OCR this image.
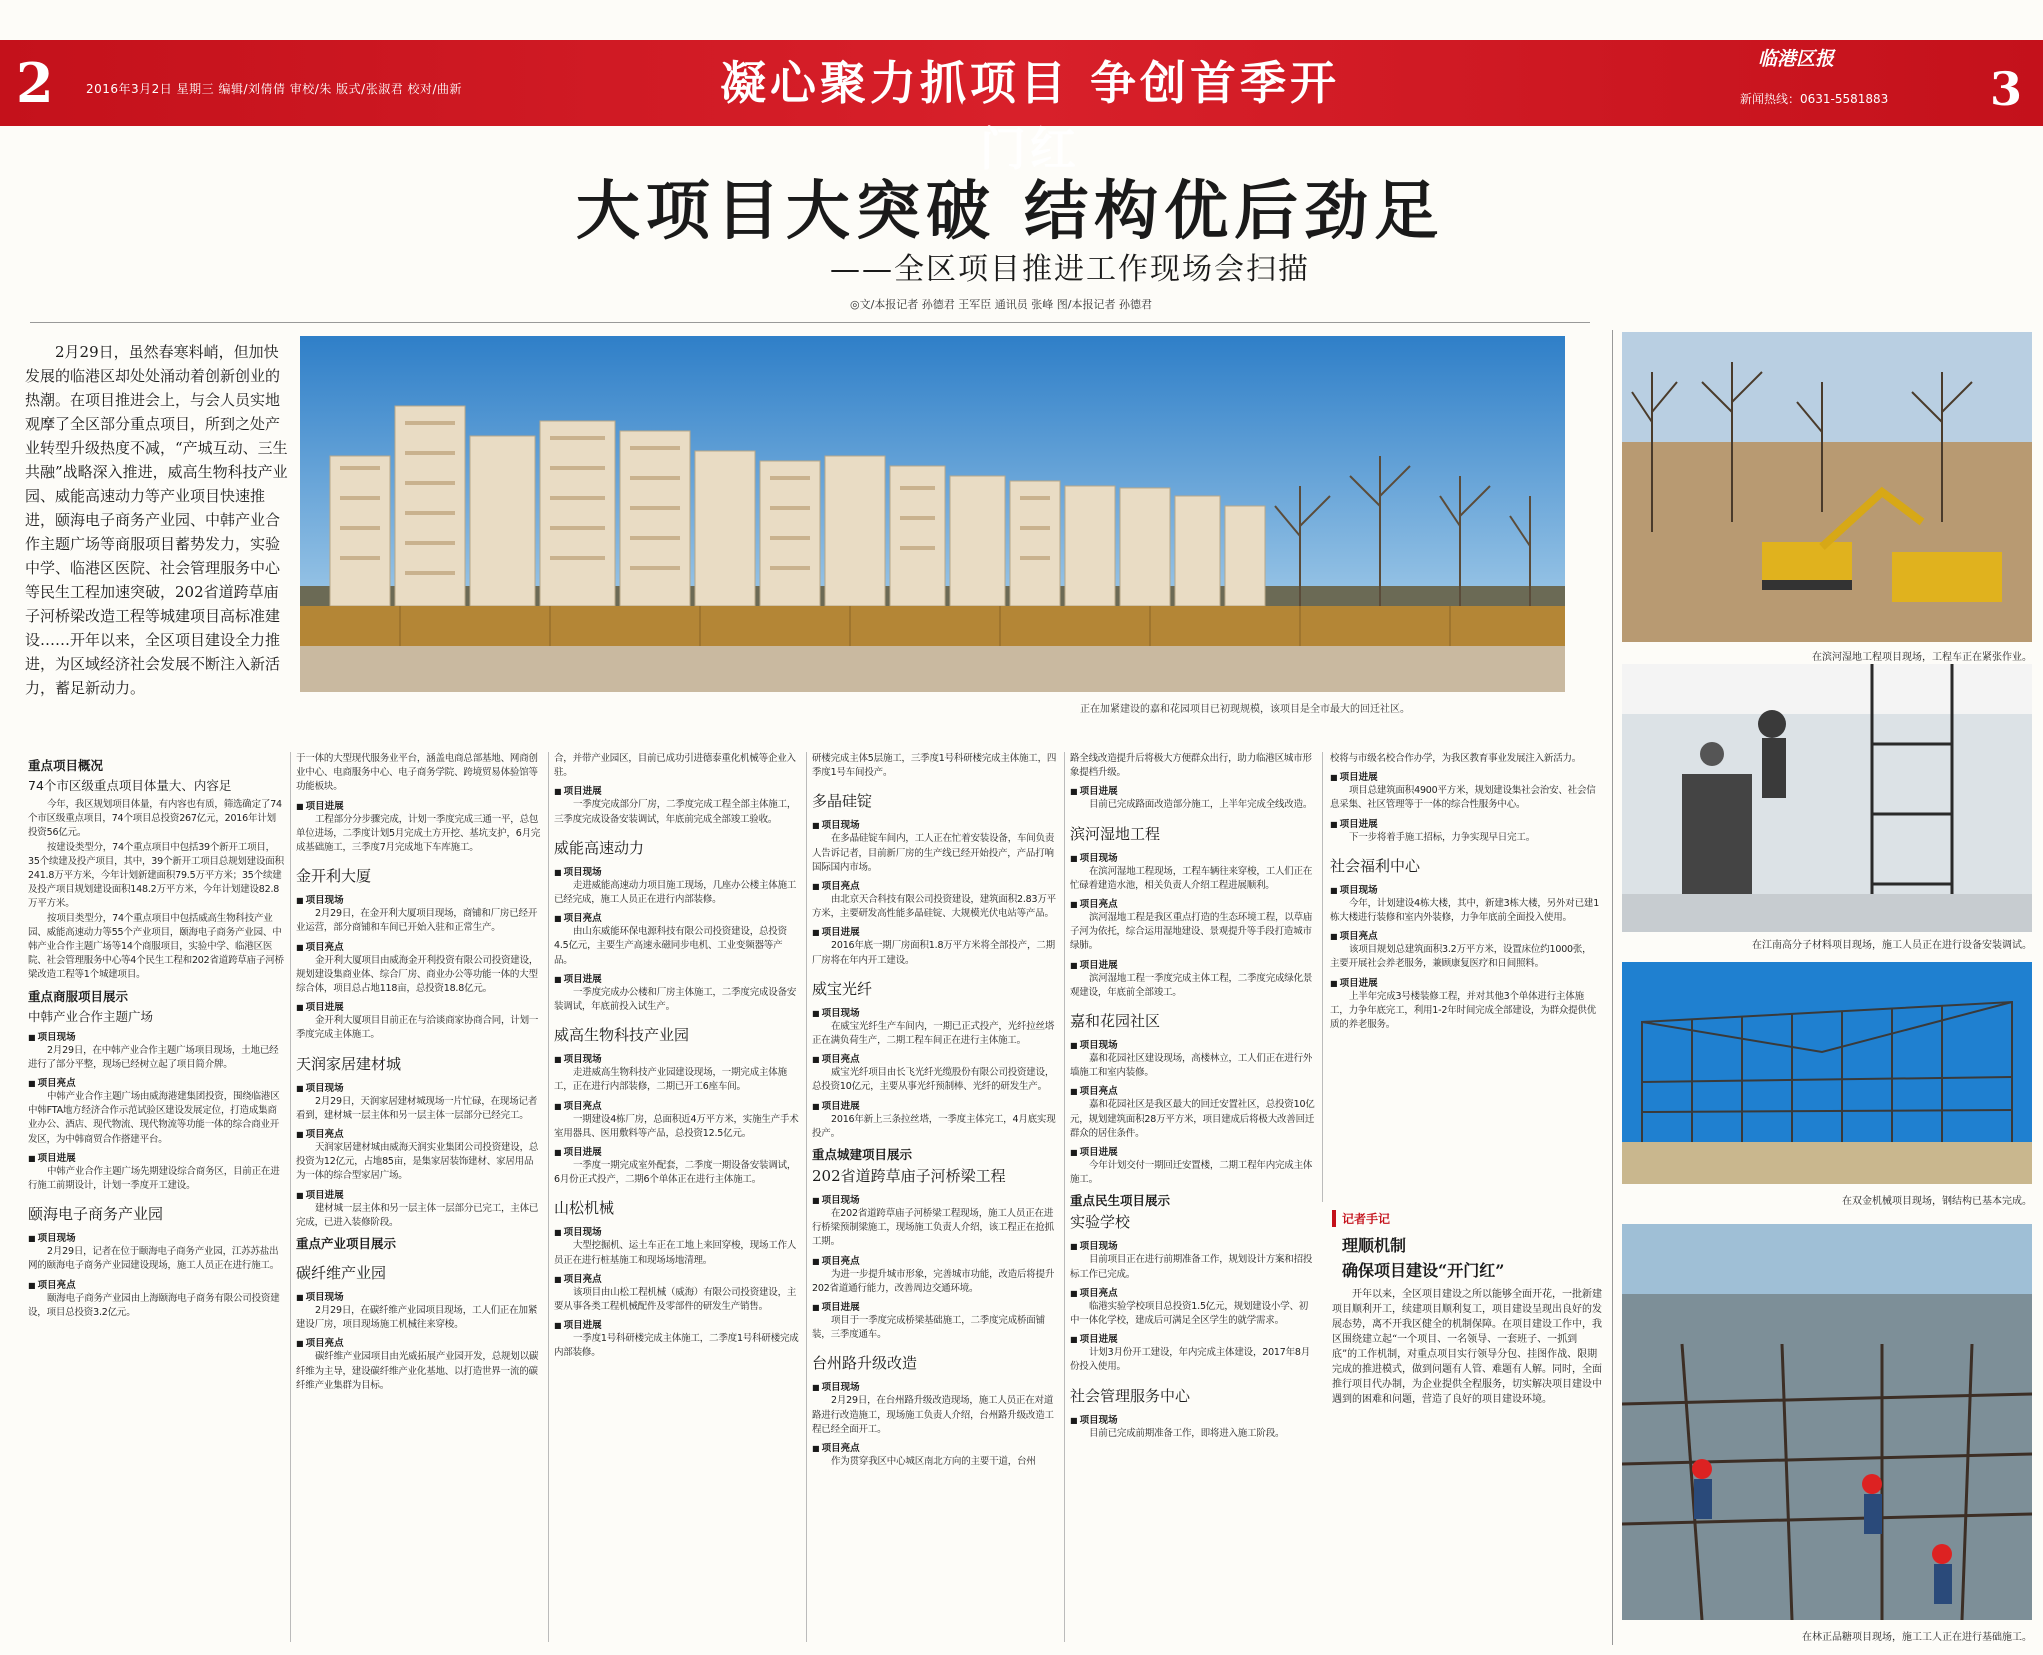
2	2016年3月2日 星期三 编辑/刘倩倩 审校/朱 版式/张淑君 校对/曲新	凝心聚力抓项目 争创首季开门红
临港区报
新闻热线：0631-5581883 3
大项目大突破 结构优后劲足
——全区项目推进工作现场会扫描
◎文/本报记者 孙德君 王军臣 通讯员 张峰 图/本报记者 孙德君
2月29日，虽然春寒料峭，但加快发展的临港区却处处涌动着创新创业的热潮。在项目推进会上，与会人员实地观摩了全区部分重点项目，所到之处产业转型升级热度不减，“产城互动、三生共融”战略深入推进，威高生物科技产业园、威能高速动力等产业项目快速推进，颐海电子商务产业园、中韩产业合作主题广场等商服项目蓄势发力，实验中学、临港区医院、社会管理服务中心等民生工程加速突破，202省道跨草庙子河桥梁改造工程等城建项目高标准建设……开年以来，全区项目建设全力推进，为区域经济社会发展不断注入新活力，蓄足新动力。
正在加紧建设的嘉和花园项目已初现规模，该项目是全市最大的回迁社区。
在滨河湿地工程项目现场，工程车正在紧张作业。
在江南高分子材料项目现场，施工人员正在进行设备安装调试。
在双金机械项目现场，钢结构已基本完成。
在林正品糖项目现场，施工工人正在进行基础施工。
重点项目概况
74个市区级重点项目体量大、内容足

今年，我区规划项目体量，有内容也有质，筛选确定了74个市区级重点项目，74个项目总投资267亿元，2016年计划投资56亿元。

按建设类型分，74个重点项目中包括39个新开工项目，35个续建及投产项目，其中，39个新开工项目总规划建设面积241.8万平方米，今年计划新建面积79.5万平方米；35个续建及投产项目规划建设面积148.2万平方米，今年计划建设82.8万平方米。

按项目类型分，74个重点项目中包括威高生物科技产业园、威能高速动力等55个产业项目，颐海电子商务产业园、中韩产业合作主题广场等14个商服项目，实验中学、临港区医院、社会管理服务中心等4个民生工程和202省道跨草庙子河桥梁改造工程等1个城建项目。

重点商服项目展示
中韩产业合作主题广场
■ 项目现场

2月29日，在中韩产业合作主题广场项目现场，土地已经进行了部分平整，现场已经树立起了项目简介牌。

■ 项目亮点

中韩产业合作主题广场由威海港建集团投资，围绕临港区中韩FTA地方经济合作示范试验区建设发展定位，打造成集商业办公、酒店、现代物流、现代物流等功能一体的综合商业开发区，为中韩商贸合作搭建平台。

■ 项目进展

中韩产业合作主题广场先期建设综合商务区，目前正在进行施工前期设计，计划一季度开工建设。

颐海电子商务产业园
■ 项目现场

2月29日，记者在位于颐海电子商务产业园，江苏苏盐出网的颐海电子商务产业园建设现场，施工人员正在进行施工。

■ 项目亮点

颐海电子商务产业园由上海颐海电子商务有限公司投资建设，项目总投资3.2亿元。

于一体的大型现代服务业平台，涵盖电商总部基地、网商创业中心、电商服务中心、电子商务学院、跨境贸易体验馆等功能板块。

■ 项目进展

工程部分分步骤完成，计划一季度完成三通一平，总包单位进场，二季度计划5月完成土方开挖、基坑支护，6月完成基础施工，三季度7月完成地下车库施工。

金开利大厦
■ 项目现场

2月29日，在金开利大厦项目现场，商铺和厂房已经开业运营，部分商铺和车间已开始入驻和正常生产。

■ 项目亮点

金开利大厦项目由威海金开利投资有限公司投资建设，规划建设集商业体、综合厂房、商业办公等功能一体的大型综合体，项目总占地118亩，总投资18.8亿元。

■ 项目进展

金开利大厦项目目前正在与洽谈商家协商合同，计划一季度完成主体施工。

天润家居建材城
■ 项目现场

2月29日，天润家居建材城现场一片忙碌，在现场记者看到，建材城一层主体和另一层主体一层部分已经完工。

■ 项目亮点

天润家居建材城由威海天润实业集团公司投资建设，总投资为12亿元，占地85亩，是集家居装饰建材、家居用品为一体的综合型家居广场。

■ 项目进展

建材城一层主体和另一层主体一层部分已完工，主体已完成，已进入装修阶段。

重点产业项目展示
碳纤维产业园
■ 项目现场

2月29日，在碳纤维产业园项目现场，工人们正在加紧建设厂房，项目现场施工机械往来穿梭。

■ 项目亮点

碳纤维产业园项目由光威拓展产业园开发，总规划以碳纤维为主导，建设碳纤维产业化基地、以打造世界一流的碳纤维产业集群为目标。

合，并带产业园区，目前已成功引进德泰重化机械等企业入驻。

■ 项目进展

一季度完成部分厂房，二季度完成工程全部主体施工，三季度完成设备安装调试，年底前完成全部竣工验收。

威能高速动力
■ 项目现场

走进威能高速动力项目施工现场，几座办公楼主体施工已经完成，施工人员正在进行内部装修。

■ 项目亮点

由山东威能环保电源科技有限公司投资建设，总投资4.5亿元，主要生产高速永磁同步电机、工业变频器等产品。

■ 项目进展

一季度完成办公楼和厂房主体施工，二季度完成设备安装调试，年底前投入试生产。

威高生物科技产业园
■ 项目现场

走进威高生物科技产业园建设现场，一期完成主体施工，正在进行内部装修，二期已开工6座车间。

■ 项目亮点

一期建设4栋厂房，总面积近4万平方米，实施生产手术室用器具、医用敷料等产品，总投资12.5亿元。

■ 项目进展

一季度一期完成室外配套，二季度一期设备安装调试，6月份正式投产，二期6个单体正在进行主体施工。

山松机械
■ 项目现场

大型挖掘机、运土车正在工地上来回穿梭，现场工作人员正在进行桩基施工和现场场地清理。

■ 项目亮点

该项目由山松工程机械（威海）有限公司投资建设，主要从事各类工程机械配件及零部件的研发生产销售。

■ 项目进展

一季度1号科研楼完成主体施工，二季度1号科研楼完成内部装修。

研楼完成主体5层施工，三季度1号科研楼完成主体施工，四季度1号车间投产。

多晶硅锭
■ 项目现场

在多晶硅锭车间内，工人正在忙着安装设备，车间负责人告诉记者，目前新厂房的生产线已经开始投产，产品打响国际国内市场。

■ 项目亮点

由北京天合科技有限公司投资建设，建筑面积2.83万平方米，主要研发高性能多晶硅锭、大规模光伏电站等产品。

■ 项目进展

2016年底一期厂房面积1.8万平方米将全部投产，二期厂房将在年内开工建设。

威宝光纤
■ 项目现场

在威宝光纤生产车间内，一期已正式投产，光纤拉丝塔正在满负荷生产，二期工程车间正在进行主体施工。

■ 项目亮点

威宝光纤项目由长飞光纤光缆股份有限公司投资建设，总投资10亿元，主要从事光纤预制棒、光纤的研发生产。

■ 项目进展

2016年新上三条拉丝塔，一季度主体完工，4月底实现投产。

重点城建项目展示
202省道跨草庙子河桥梁工程
■ 项目现场

在202省道跨草庙子河桥梁工程现场，施工人员正在进行桥梁预制梁施工，现场施工负责人介绍，该工程正在抢抓工期。

■ 项目亮点

为进一步提升城市形象，完善城市功能，改造后将提升202省道通行能力，改善周边交通环境。

■ 项目进展

项目于一季度完成桥梁基础施工，二季度完成桥面铺装，三季度通车。

台州路升级改造
■ 项目现场

2月29日，在台州路升级改造现场，施工人员正在对道路进行改造施工，现场施工负责人介绍，台州路升级改造工程已经全面开工。

■ 项目亮点

作为贯穿我区中心城区南北方向的主要干道，台州

路全线改造提升后将极大方便群众出行，助力临港区城市形象提档升级。

■ 项目进展

目前已完成路面改造部分施工，上半年完成全线改造。

滨河湿地工程
■ 项目现场

在滨河湿地工程现场，工程车辆往来穿梭，工人们正在忙碌着建造水池，相关负责人介绍工程进展顺利。

■ 项目亮点

滨河湿地工程是我区重点打造的生态环境工程，以草庙子河为依托，综合运用湿地建设、景观提升等手段打造城市绿肺。

■ 项目进展

滨河湿地工程一季度完成主体工程，二季度完成绿化景观建设，年底前全部竣工。

嘉和花园社区
■ 项目现场

嘉和花园社区建设现场，高楼林立，工人们正在进行外墙施工和室内装修。

■ 项目亮点

嘉和花园社区是我区最大的回迁安置社区，总投资10亿元，规划建筑面积28万平方米，项目建成后将极大改善回迁群众的居住条件。

■ 项目进展

今年计划交付一期回迁安置楼，二期工程年内完成主体施工。

重点民生项目展示
实验学校
■ 项目现场

目前项目正在进行前期准备工作，规划设计方案和招投标工作已完成。

■ 项目亮点

临港实验学校项目总投资1.5亿元，规划建设小学、初中一体化学校，建成后可满足全区学生的就学需求。

■ 项目进展

计划3月份开工建设，年内完成主体建设，2017年8月份投入使用。

社会管理服务中心
■ 项目现场

目前已完成前期准备工作，即将进入施工阶段。

校将与市级名校合作办学，为我区教育事业发展注入新活力。

■ 项目进展

项目总建筑面积4900平方米，规划建设集社会治安、社会信息采集、社区管理等于一体的综合性服务中心。

■ 项目进展

下一步将着手施工招标，力争实现早日完工。

社会福利中心
■ 项目现场

今年，计划建设4栋大楼，其中，新建3栋大楼，另外对已建1栋大楼进行装修和室内外装修，力争年底前全面投入使用。

■ 项目亮点

该项目规划总建筑面积3.2万平方米，设置床位约1000张，主要开展社会养老服务，兼顾康复医疗和日间照料。

■ 项目进展

上半年完成3号楼装修工程，并对其他3个单体进行主体施工，力争年底完工，利用1-2年时间完成全部建设，为群众提供优质的养老服务。

记者手记
理顺机制
确保项目建设“开门红”
开年以来，全区项目建设之所以能够全面开花，一批新建项目顺利开工，续建项目顺利复工，项目建设呈现出良好的发展态势，离不开我区健全的机制保障。在项目建设工作中，我区围绕建立起“一个项目、一名领导、一套班子、一抓到底”的工作机制，对重点项目实行领导分包、挂图作战、限期完成的推进模式，做到问题有人管、难题有人解。同时，全面推行项目代办制，为企业提供全程服务，切实解决项目建设中遇到的困难和问题，营造了良好的项目建设环境。
